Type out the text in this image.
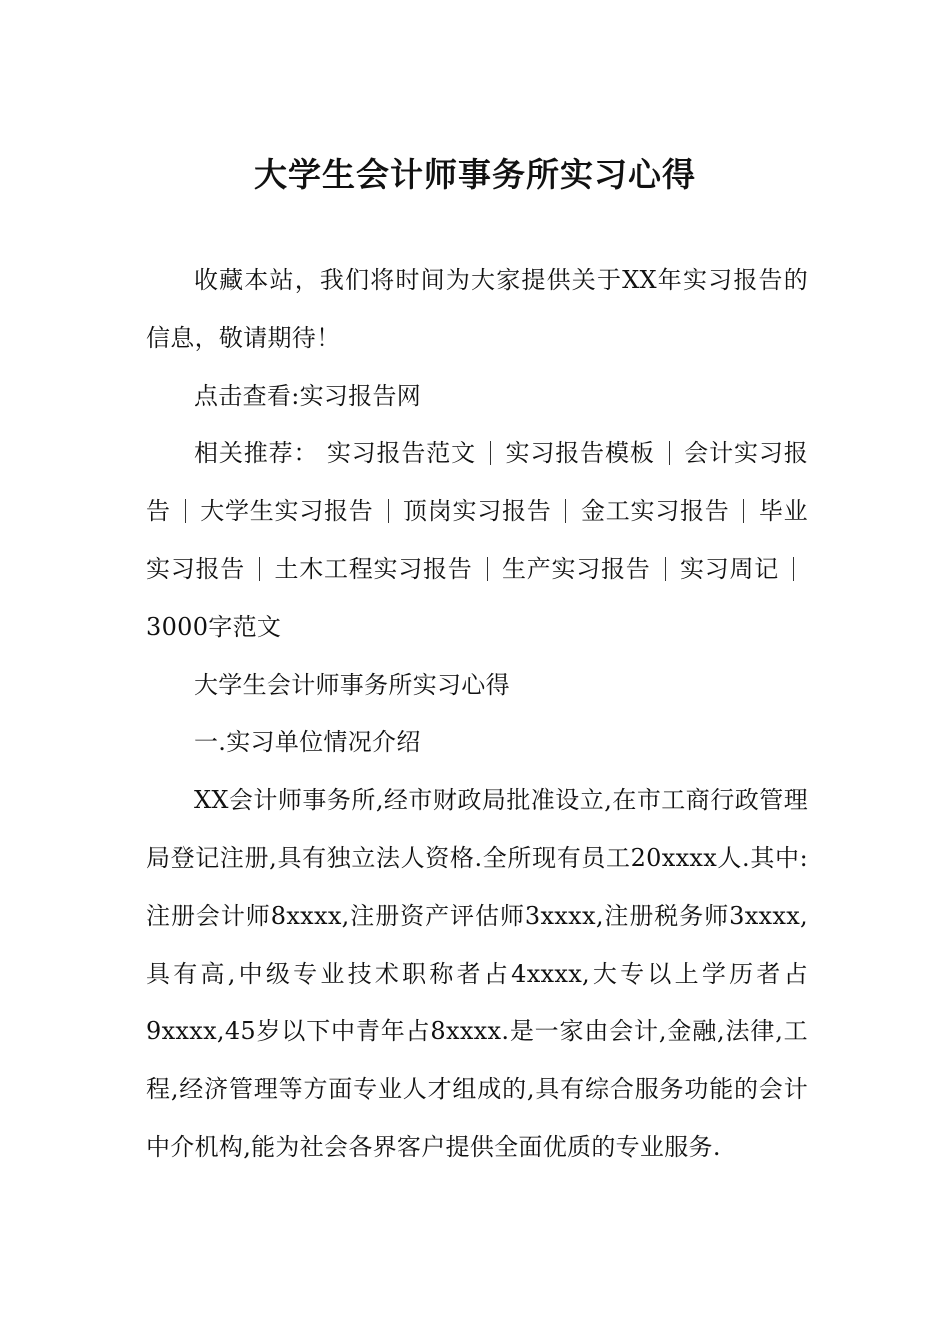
大学生会计师事务所实习心得

收藏本站，我们将时间为大家提供关于XX年实习报告的信息，敬请期待！

点击查看:实习报告网

相关推荐： 实习报告范文 实习报告模板 会计实习报告 大学生实习报告 顶岗实习报告 金工实习报告 毕业实习报告 土木工程实习报告 生产实习报告 实习周记3000字范文

大学生会计师事务所实习心得

一.实习单位情况介绍

XX会计师事务所,经市财政局批准设立,在市工商行政管理局登记注册,具有独立法人资格.全所现有员工20xxxx人.其中:注册会计师8xxxx,注册资产评估师3xxxx,注册税务师3xxxx,具有高,中级专业技术职称者占4xxxx,大专以上学历者占 9xxxx,45岁以下中青年占8xxxx.是一家由会计,金融,法律,工程,经济管理等方面专业人才组成的,具有综合服务功能的会计中介机构,能为社会各界客户提供全面优质的专业服务.
